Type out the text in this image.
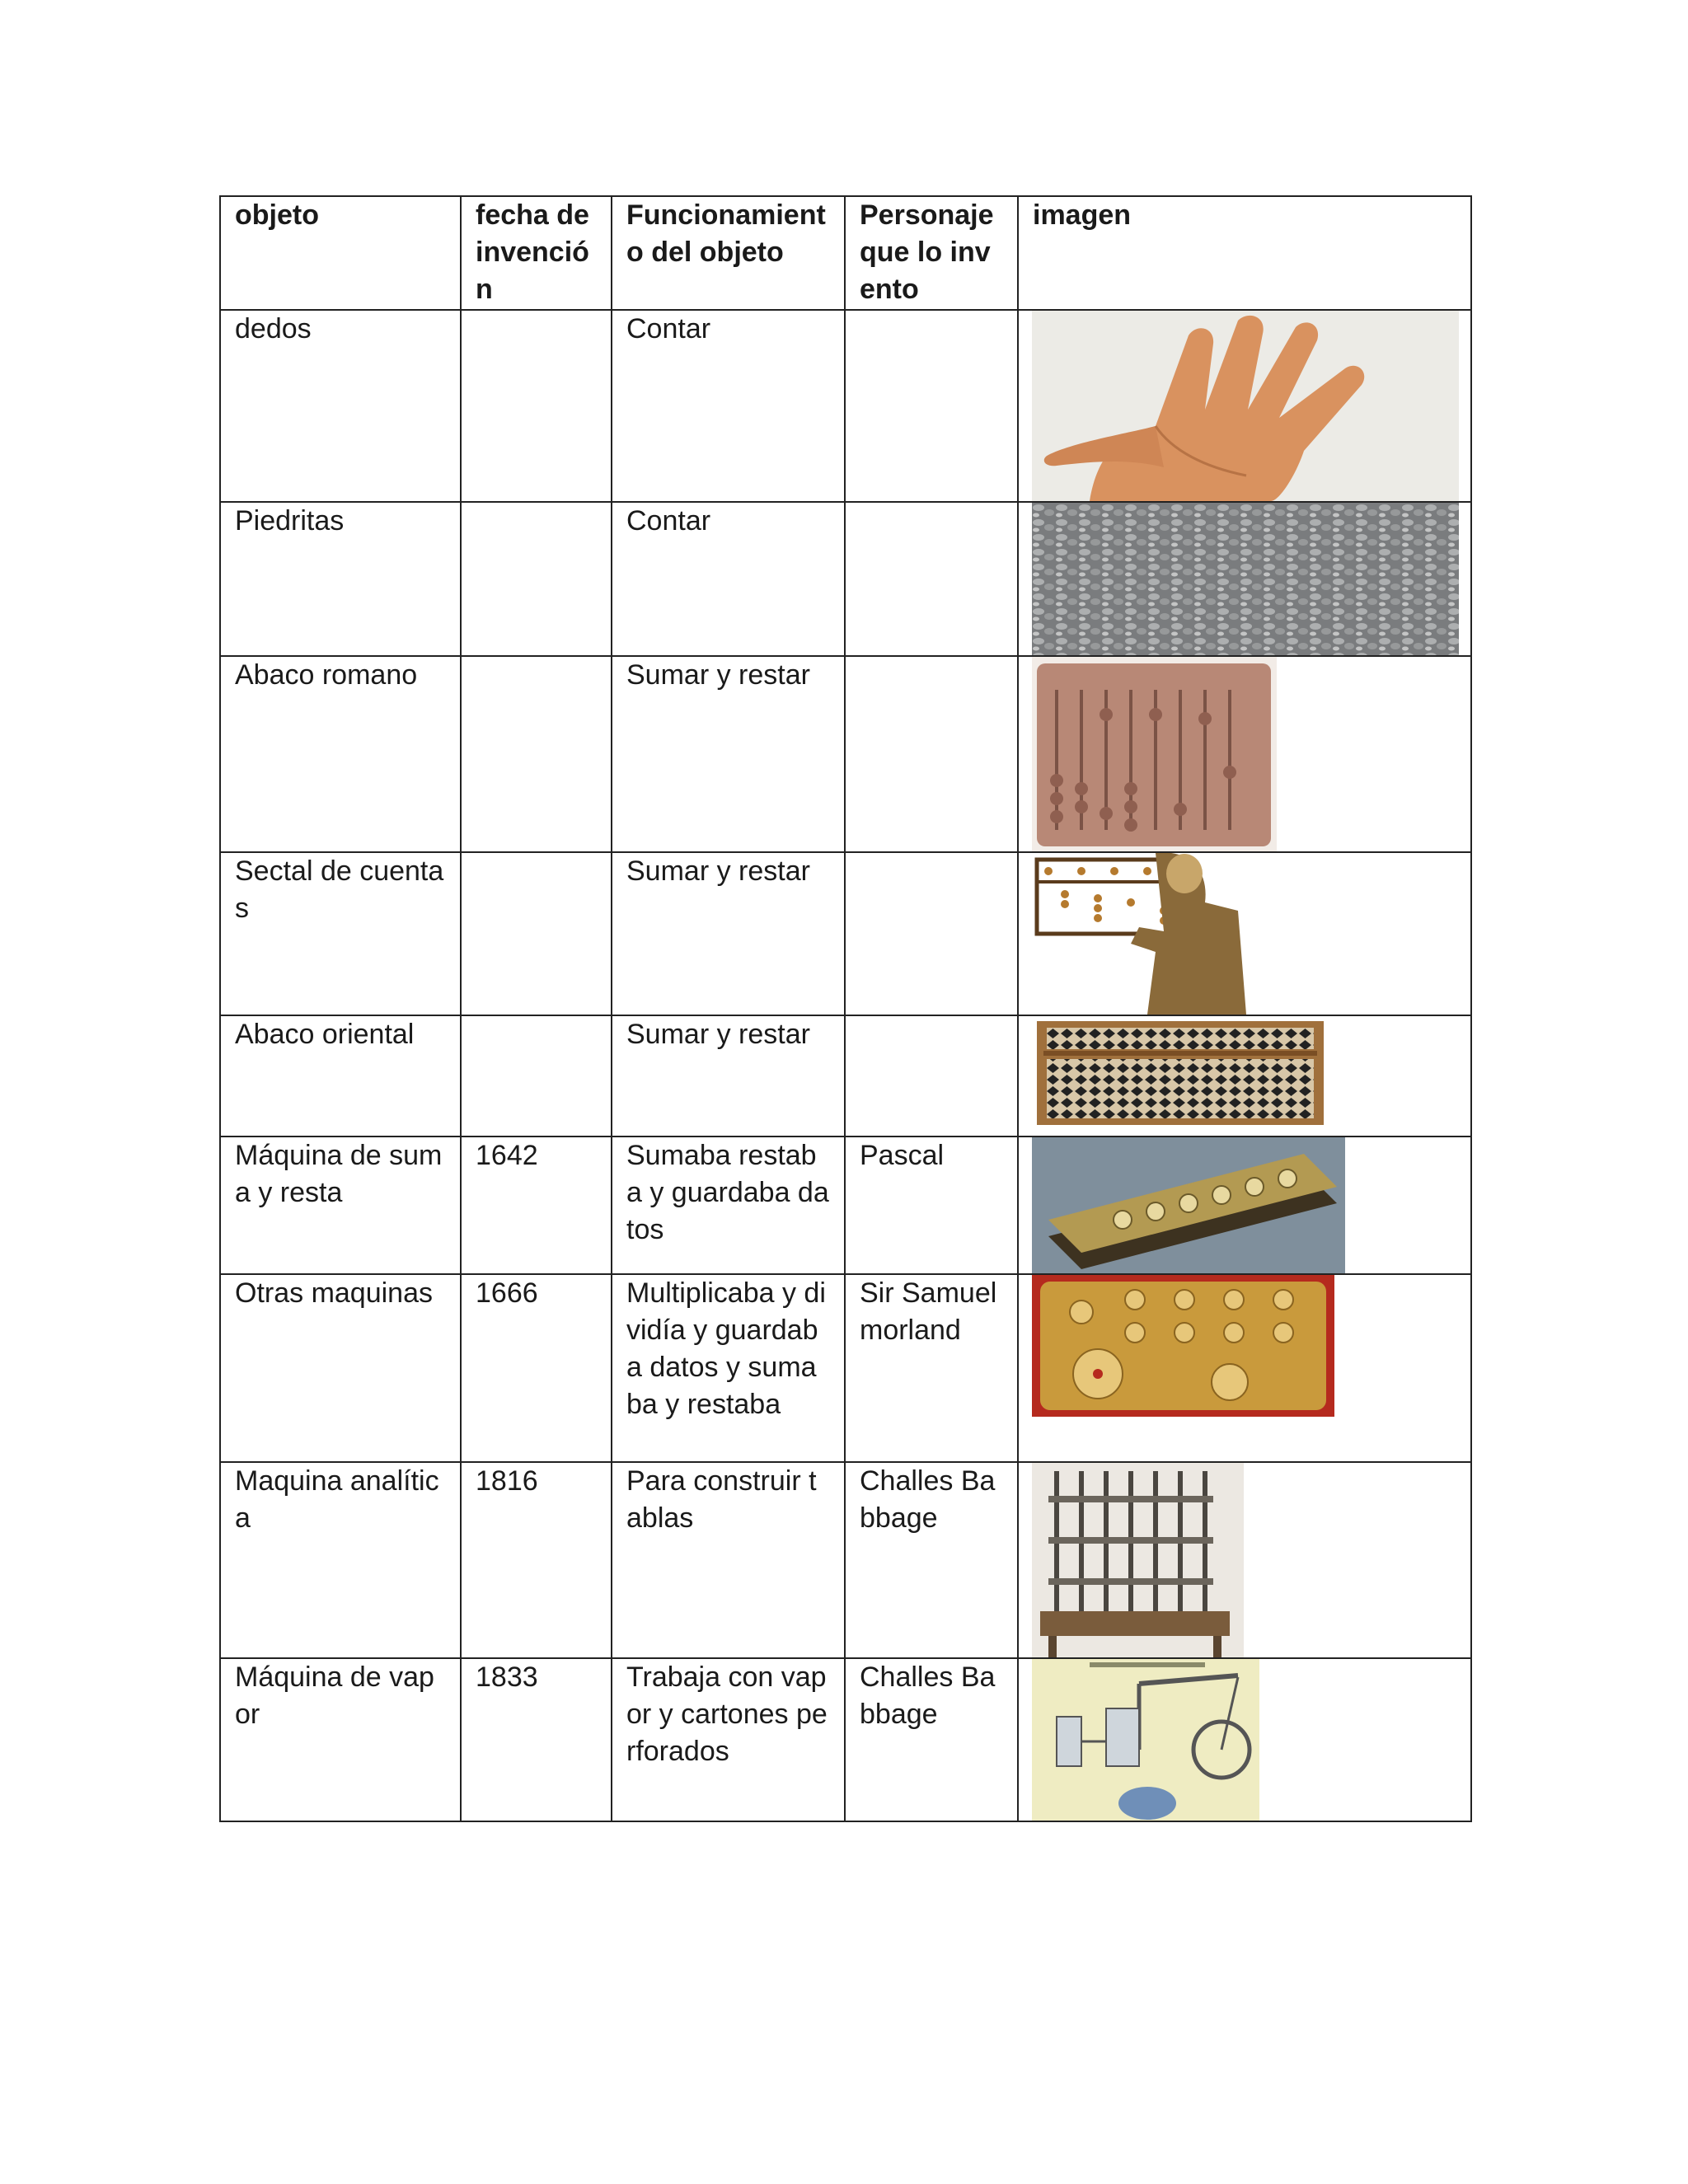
objeto	fecha de invención	Funcionamiento del objeto	Personaje que lo invento	imagen

dedos		Contar

Piedritas		Contar

Abaco romano		Sumar y restar

Sectal de cuentas		Sumar y restar

Abaco oriental		Sumar y restar

Máquina de suma y resta	1642	Sumaba restaba y guardaba datos	Pascal

Otras maquinas	1666	Multiplicaba y dividía y guardaba datos y sumaba y restaba	Sir Samuel morland

Maquina analítica	1816	Para construir tablas	Challes Babbage

Máquina de vapor	1833	Trabaja con vapor y cartones perforados	Challes Babbage
